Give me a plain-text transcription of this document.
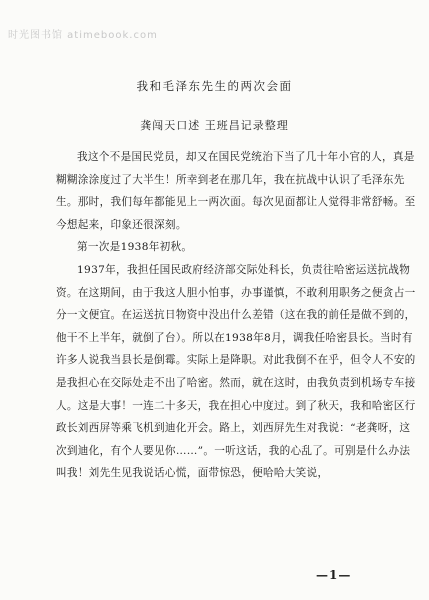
时光图书馆 atimebook.com
我和毛泽东先生的两次会面
龚闯天口述 王班昌记录整理

我这个不是国民党员，却又在国民党统治下当了几十年小官的人，真是糊糊涂涂度过了大半生！所幸到老在那几年，我在抗战中认识了毛泽东先生。那时，我们每年都能见上一两次面。每次见面都让人觉得非常舒畅。至今想起来，印象还很深刻。

第一次是1938年初秋。

1937年，我担任国民政府经济部交际处科长，负责往哈密运送抗战物资。在这期间，由于我这人胆小怕事，办事谨慎，不敢利用职务之便贪占一分一文便宜。在运送抗日物资中没出什么差错（这在我的前任是做不到的，他干不上半年，就倒了台）。所以在1938年8月，调我任哈密县长。当时有许多人说我当县长是倒霉。实际上是降职。对此我倒不在乎，但令人不安的是我担心在交际处走不出了哈密。然而，就在这时，由我负责到机场专车接人。这是大事！一连二十多天，我在担心中度过。到了秋天，我和哈密区行政长刘西屏等乘飞机到迪化开会。路上，刘西屏先生对我说：“老龚呀，这次到迪化，有个人要见你……”。一听这话，我的心乱了。可别是什么办法叫我！刘先生见我说话心慌，面带惊恐，便哈哈大笑说，

—1—
